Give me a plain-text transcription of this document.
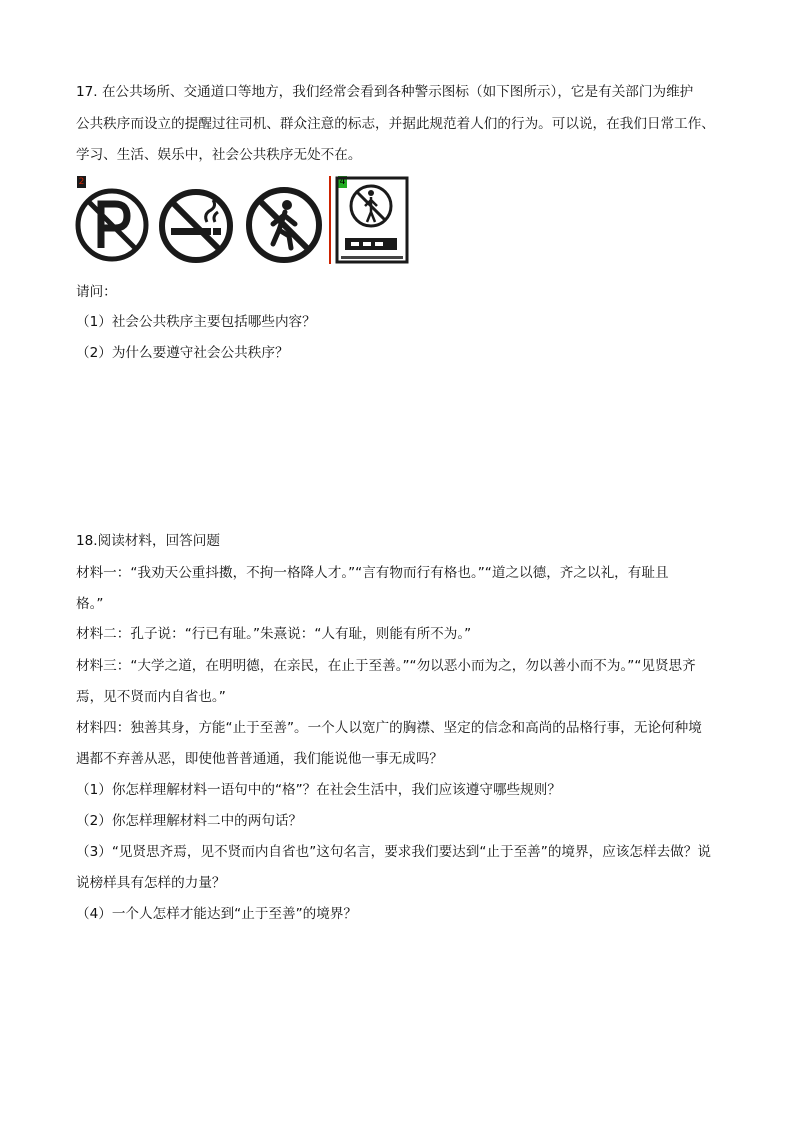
17. 在公共场所、交通道口等地方，我们经常会看到各种警示图标（如下图所示），它是有关部门为维护
公共秩序而设立的提醒过往司机、群众注意的标志，并据此规范着人们的行为。可以说，在我们日常工作、
学习、生活、娱乐中，社会公共秩序无处不在。
2	4
请问：
（1）社会公共秩序主要包括哪些内容？
（2）为什么要遵守社会公共秩序？
18.阅读材料，回答问题
材料一：“我劝天公重抖擞，不拘一格降人才。”“言有物而行有格也。”“道之以德，齐之以礼，有耻且
格。”
材料二：孔子说：“行已有耻。”朱熹说：“人有耻，则能有所不为。”
材料三：“大学之道，在明明德，在亲民，在止于至善。”“勿以恶小而为之，勿以善小而不为。”“见贤思齐
焉，见不贤而内自省也。”
材料四：独善其身，方能“止于至善”。一个人以宽广的胸襟、坚定的信念和高尚的品格行事，无论何种境
遇都不弃善从恶，即使他普普通通，我们能说他一事无成吗？
（1）你怎样理解材料一语句中的“格”？在社会生活中，我们应该遵守哪些规则？
（2）你怎样理解材料二中的两句话？
（3）“见贤思齐焉，见不贤而内自省也”这句名言，要求我们要达到“止于至善”的境界，应该怎样去做？说
说榜样具有怎样的力量？
（4）一个人怎样才能达到“止于至善”的境界？
